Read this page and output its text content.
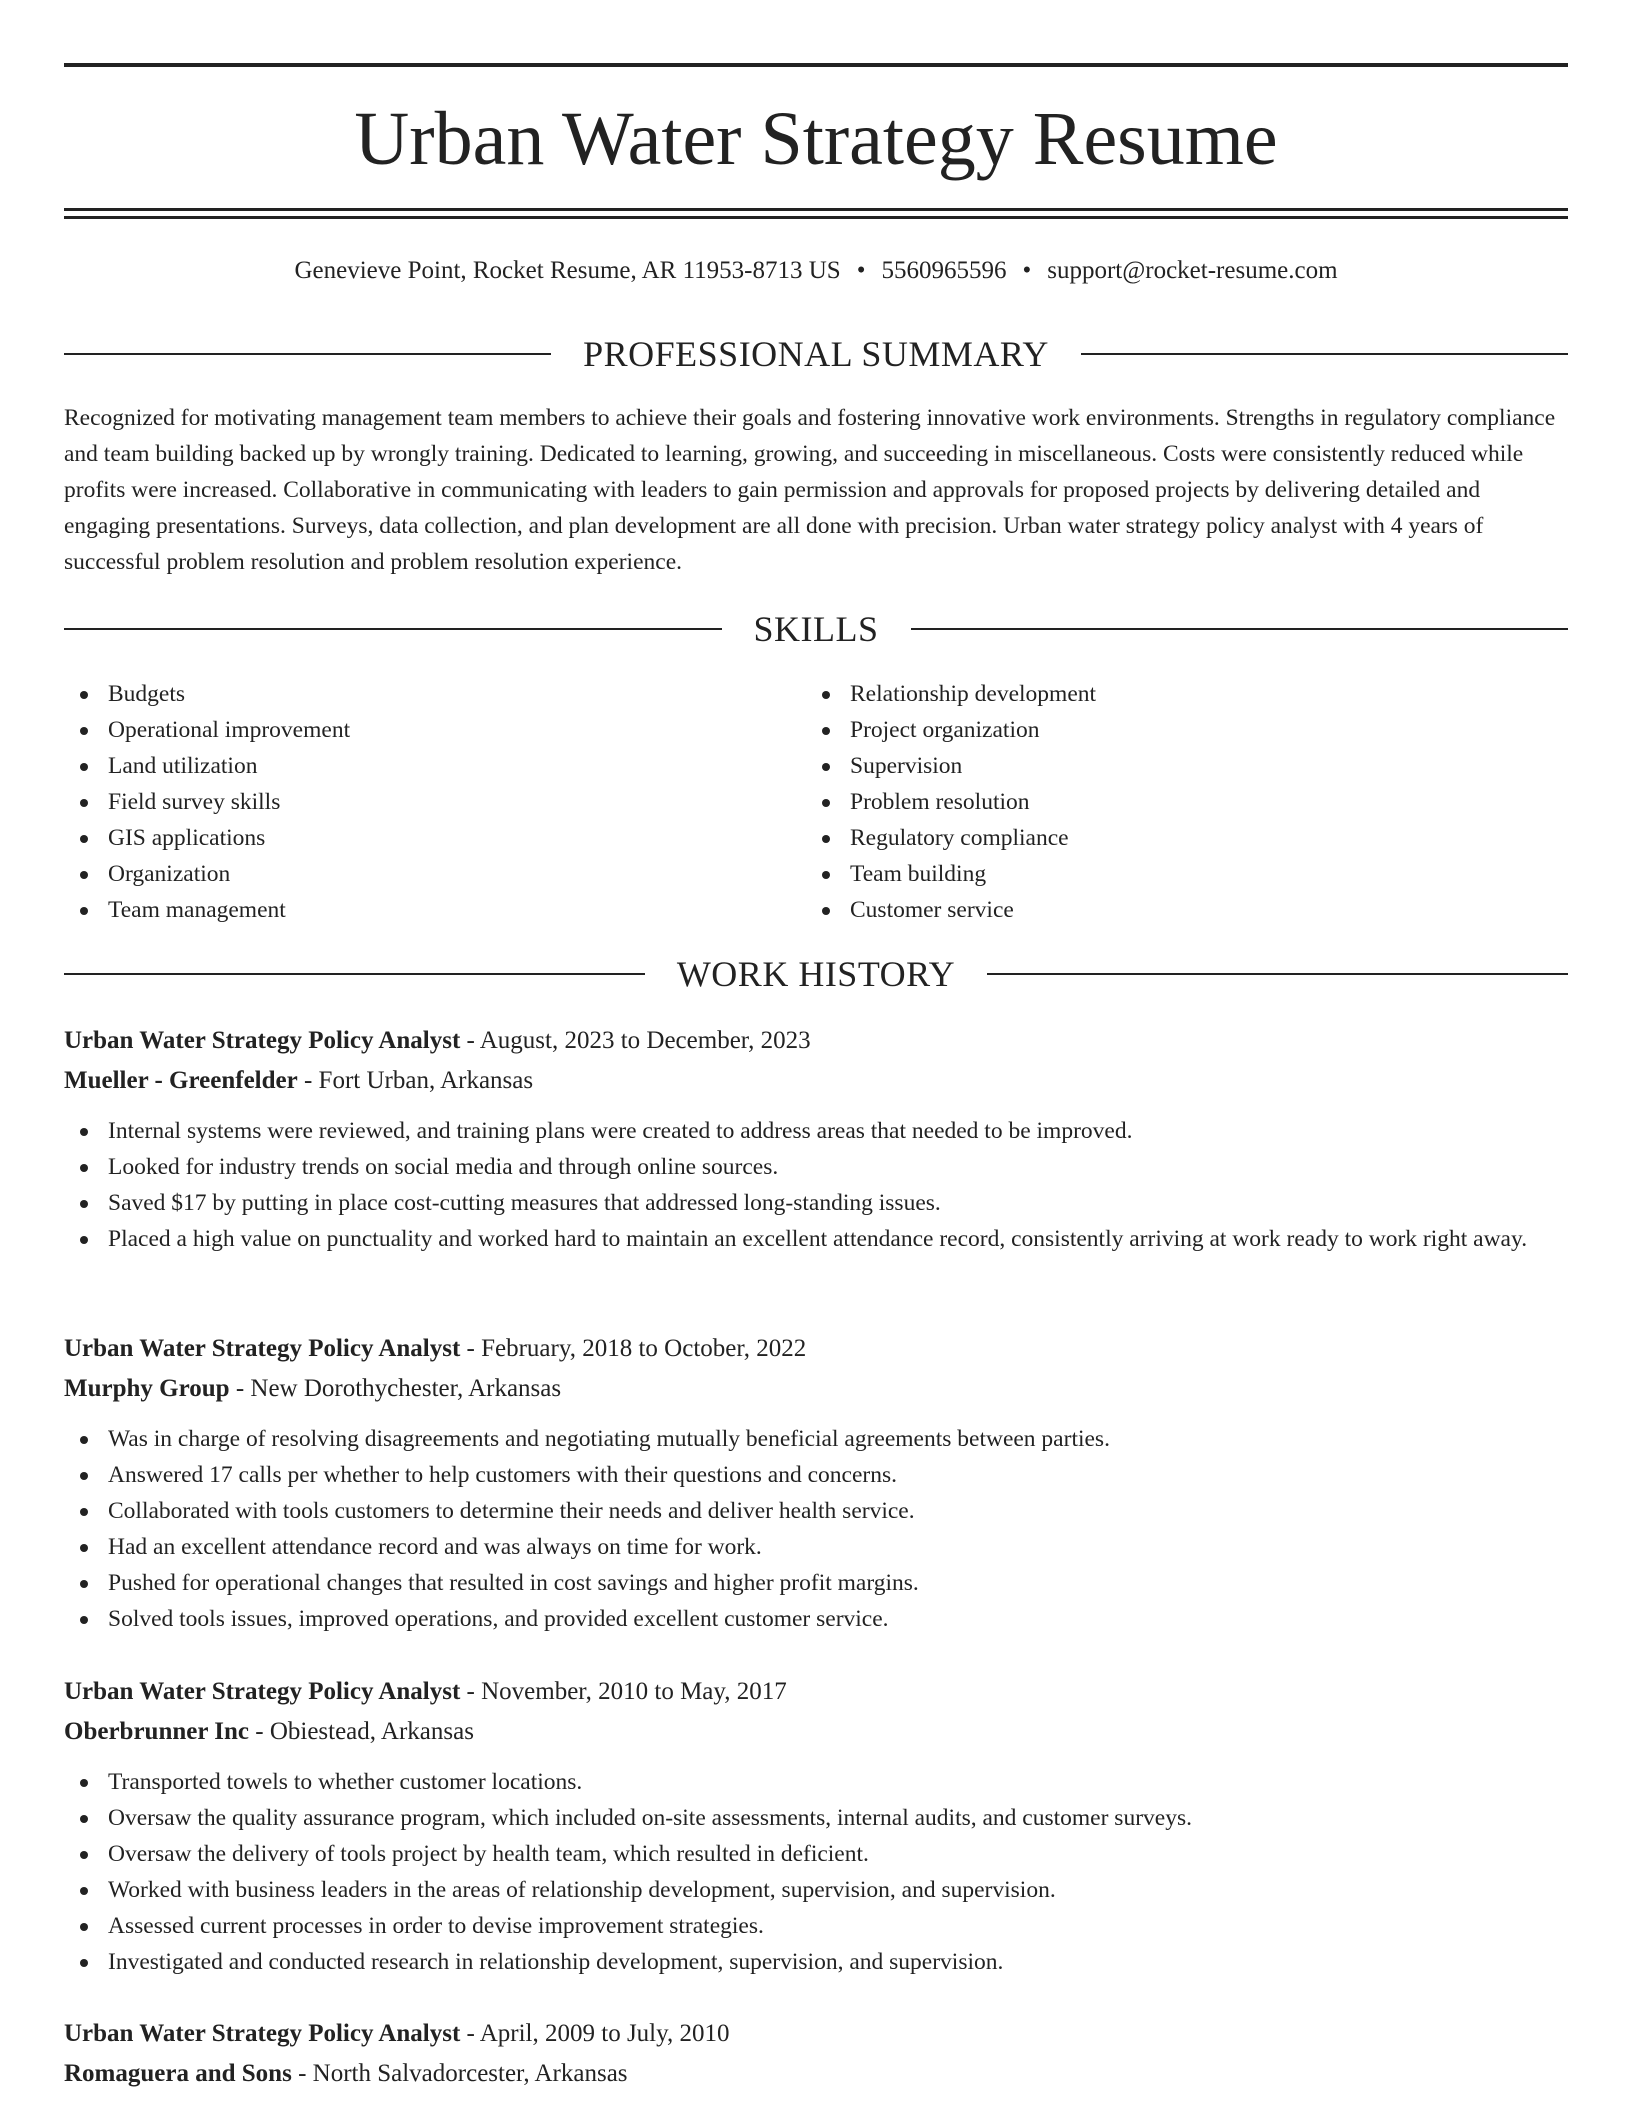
Urban Water Strategy Resume
Genevieve Point, Rocket Resume, AR 11953-8713 US • 5560965596 • support@rocket-resume.com
PROFESSIONAL SUMMARY
Recognized for motivating management team members to achieve their goals and fostering innovative work environments. Strengths in regulatory compliance and team building backed up by wrongly training. Dedicated to learning, growing, and succeeding in miscellaneous. Costs were consistently reduced while profits were increased. Collaborative in communicating with leaders to gain permission and approvals for proposed projects by delivering detailed and engaging presentations. Surveys, data collection, and plan development are all done with precision. Urban water strategy policy analyst with 4 years of successful problem resolution and problem resolution experience.
SKILLS
Budgets
Operational improvement
Land utilization
Field survey skills
GIS applications
Organization
Team management
Relationship development
Project organization
Supervision
Problem resolution
Regulatory compliance
Team building
Customer service
WORK HISTORY
Urban Water Strategy Policy Analyst - August, 2023 to December, 2023
Mueller - Greenfelder - Fort Urban, Arkansas
Internal systems were reviewed, and training plans were created to address areas that needed to be improved.
Looked for industry trends on social media and through online sources.
Saved $17 by putting in place cost-cutting measures that addressed long-standing issues.
Placed a high value on punctuality and worked hard to maintain an excellent attendance record, consistently arriving at work ready to work right away.
Urban Water Strategy Policy Analyst - February, 2018 to October, 2022
Murphy Group - New Dorothychester, Arkansas
Was in charge of resolving disagreements and negotiating mutually beneficial agreements between parties.
Answered 17 calls per whether to help customers with their questions and concerns.
Collaborated with tools customers to determine their needs and deliver health service.
Had an excellent attendance record and was always on time for work.
Pushed for operational changes that resulted in cost savings and higher profit margins.
Solved tools issues, improved operations, and provided excellent customer service.
Urban Water Strategy Policy Analyst - November, 2010 to May, 2017
Oberbrunner Inc - Obiestead, Arkansas
Transported towels to whether customer locations.
Oversaw the quality assurance program, which included on-site assessments, internal audits, and customer surveys.
Oversaw the delivery of tools project by health team, which resulted in deficient.
Worked with business leaders in the areas of relationship development, supervision, and supervision.
Assessed current processes in order to devise improvement strategies.
Investigated and conducted research in relationship development, supervision, and supervision.
Urban Water Strategy Policy Analyst - April, 2009 to July, 2010
Romaguera and Sons - North Salvadorcester, Arkansas
